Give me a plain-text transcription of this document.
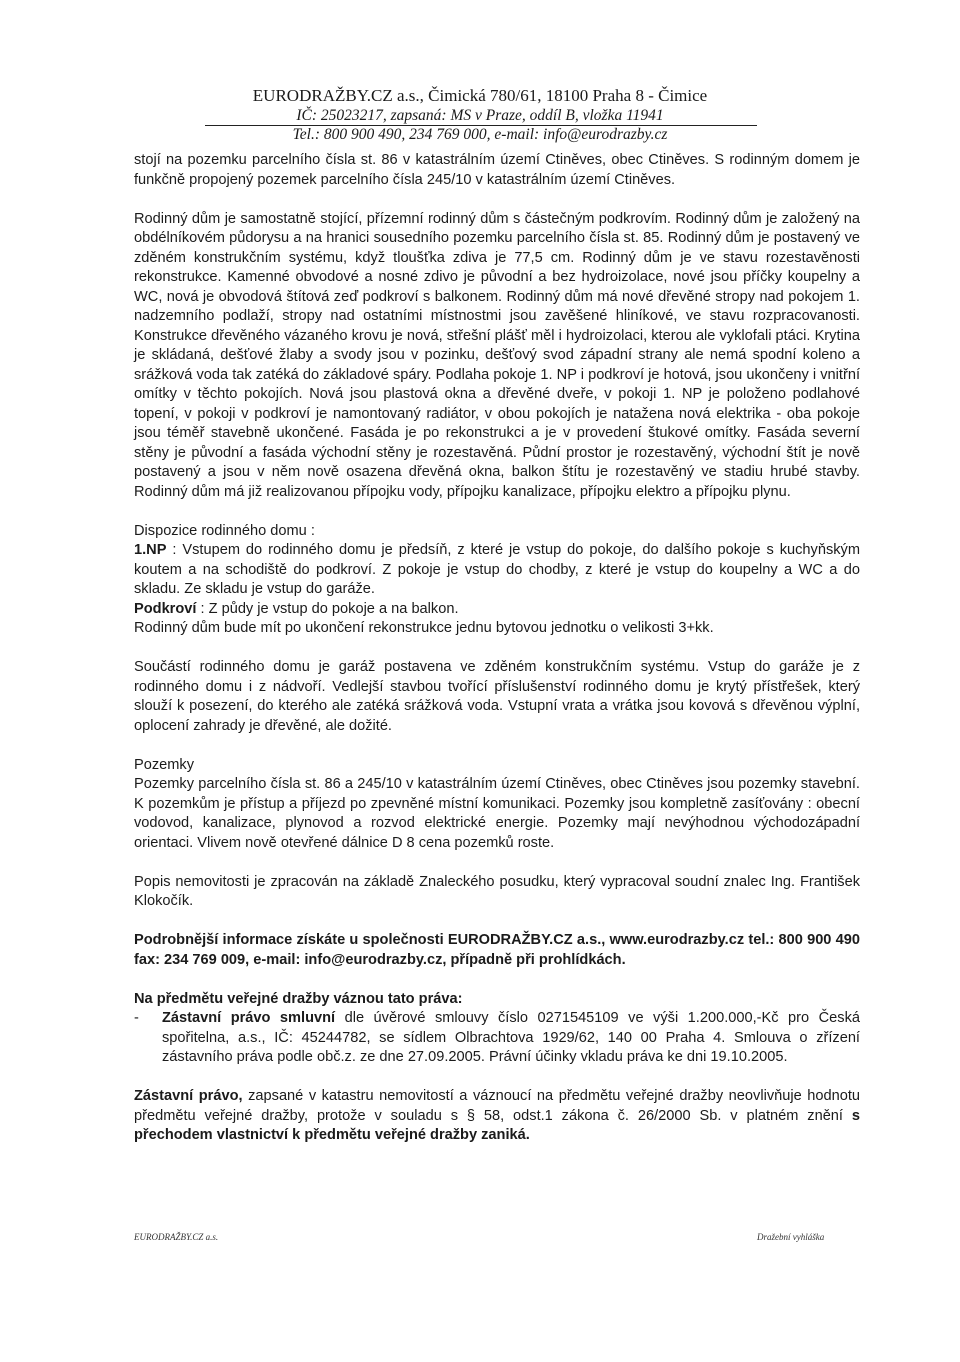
EURODRAŽBY.CZ a.s., Čimická 780/61, 18100 Praha 8 - Čimice
IČ: 25023217, zapsaná: MS v Praze, oddíl B, vložka 11941
Tel.: 800 900 490, 234 769 000, e-mail: info@eurodrazby.cz

stojí na pozemku parcelního čísla st. 86 v katastrálním území Ctiněves, obec Ctiněves. S rodinným domem je funkčně propojený pozemek parcelního čísla 245/10 v katastrálním území Ctiněves.

Rodinný dům je samostatně stojící, přízemní rodinný dům s částečným podkrovím. Rodinný dům je založený na obdélníkovém půdorysu a na hranici sousedního pozemku parcelního čísla st. 85. Rodinný dům je postavený ve zděném konstrukčním systému, když tloušťka zdiva je 77,5 cm. Rodinný dům je ve stavu rozestavěnosti rekonstrukce. Kamenné obvodové a nosné zdivo je původní a bez hydroizolace, nové jsou příčky koupelny a WC, nová je obvodová štítová zeď podkroví s balkonem. Rodinný dům má nové dřevěné stropy nad pokojem 1. nadzemního podlaží, stropy nad ostatními místnostmi jsou zavěšené hliníkové, ve stavu rozpracovanosti. Konstrukce dřevěného vázaného krovu je nová, střešní plášť měl i hydroizolaci, kterou ale vyklofali ptáci. Krytina je skládaná, dešťové žlaby a svody jsou v pozinku, dešťový svod západní strany ale nemá spodní koleno a srážková voda tak zatéká do základové spáry. Podlaha pokoje 1. NP i podkroví je hotová, jsou ukončeny i vnitřní omítky v těchto pokojích. Nová jsou plastová okna a dřevěné dveře, v pokoji 1. NP je položeno podlahové topení, v pokoji v podkroví je namontovaný radiátor, v obou pokojích je natažena nová elektrika - oba pokoje jsou téměř stavebně ukončené. Fasáda je po rekonstrukci a je v provedení štukové omítky. Fasáda severní stěny je původní a fasáda východní stěny je rozestavěná. Půdní prostor je rozestavěný, východní štít je nově postavený a jsou v něm nově osazena dřevěná okna, balkon štítu je rozestavěný ve stadiu hrubé stavby. Rodinný dům má již realizovanou přípojku vody, přípojku kanalizace, přípojku elektro a přípojku plynu.

Dispozice rodinného domu :

1.NP : Vstupem do rodinného domu je předsíň, z které je vstup do pokoje, do dalšího pokoje s kuchyňským koutem a na schodiště do podkroví. Z pokoje je vstup do chodby, z které je vstup do koupelny a WC a do skladu. Ze skladu je vstup do garáže.

Podkroví : Z půdy je vstup do pokoje a na balkon.

Rodinný dům bude mít po ukončení rekonstrukce jednu bytovou jednotku o velikosti 3+kk.

Součástí rodinného domu je garáž postavena ve zděném konstrukčním systému. Vstup do garáže je z rodinného domu i z nádvoří. Vedlejší stavbou tvořící příslušenství rodinného domu je krytý přístřešek, který slouží k posezení, do kterého ale zatéká srážková voda. Vstupní vrata a vrátka jsou kovová s dřevěnou výplní, oplocení zahrady je dřevěné, ale dožité.

Pozemky

Pozemky parcelního čísla st. 86 a 245/10 v katastrálním území Ctiněves, obec Ctiněves jsou pozemky stavební. K pozemkům je přístup a příjezd po zpevněné místní komunikaci. Pozemky jsou kompletně zasíťovány : obecní vodovod, kanalizace, plynovod a rozvod elektrické energie. Pozemky mají nevýhodnou východozápadní orientaci. Vlivem nově otevřené dálnice D 8 cena pozemků roste.

Popis nemovitosti je zpracován na základě Znaleckého posudku, který vypracoval soudní znalec Ing. František Klokočík.

Podrobnější informace získáte u společnosti EURODRAŽBY.CZ a.s., www.eurodrazby.cz tel.: 800 900 490 fax: 234 769 009, e-mail: info@eurodrazby.cz, případně při prohlídkách.

Na předmětu veřejné dražby váznou tato práva:

- Zástavní právo smluvní dle úvěrové smlouvy číslo 0271545109 ve výši 1.200.000,-Kč pro Česká spořitelna, a.s., IČ: 45244782, se sídlem Olbrachtova 1929/62, 140 00 Praha 4. Smlouva o zřízení zástavního práva podle obč.z. ze dne 27.09.2005. Právní účinky vkladu práva ke dni 19.10.2005.

Zástavní právo, zapsané v katastru nemovitostí a váznoucí na předmětu veřejné dražby neovlivňuje hodnotu předmětu veřejné dražby, protože v souladu s § 58, odst.1 zákona č. 26/2000 Sb. v platném znění s přechodem vlastnictví k předmětu veřejné dražby zaniká.

EURODRAŽBY.CZ a.s.	Dražební vyhláška
